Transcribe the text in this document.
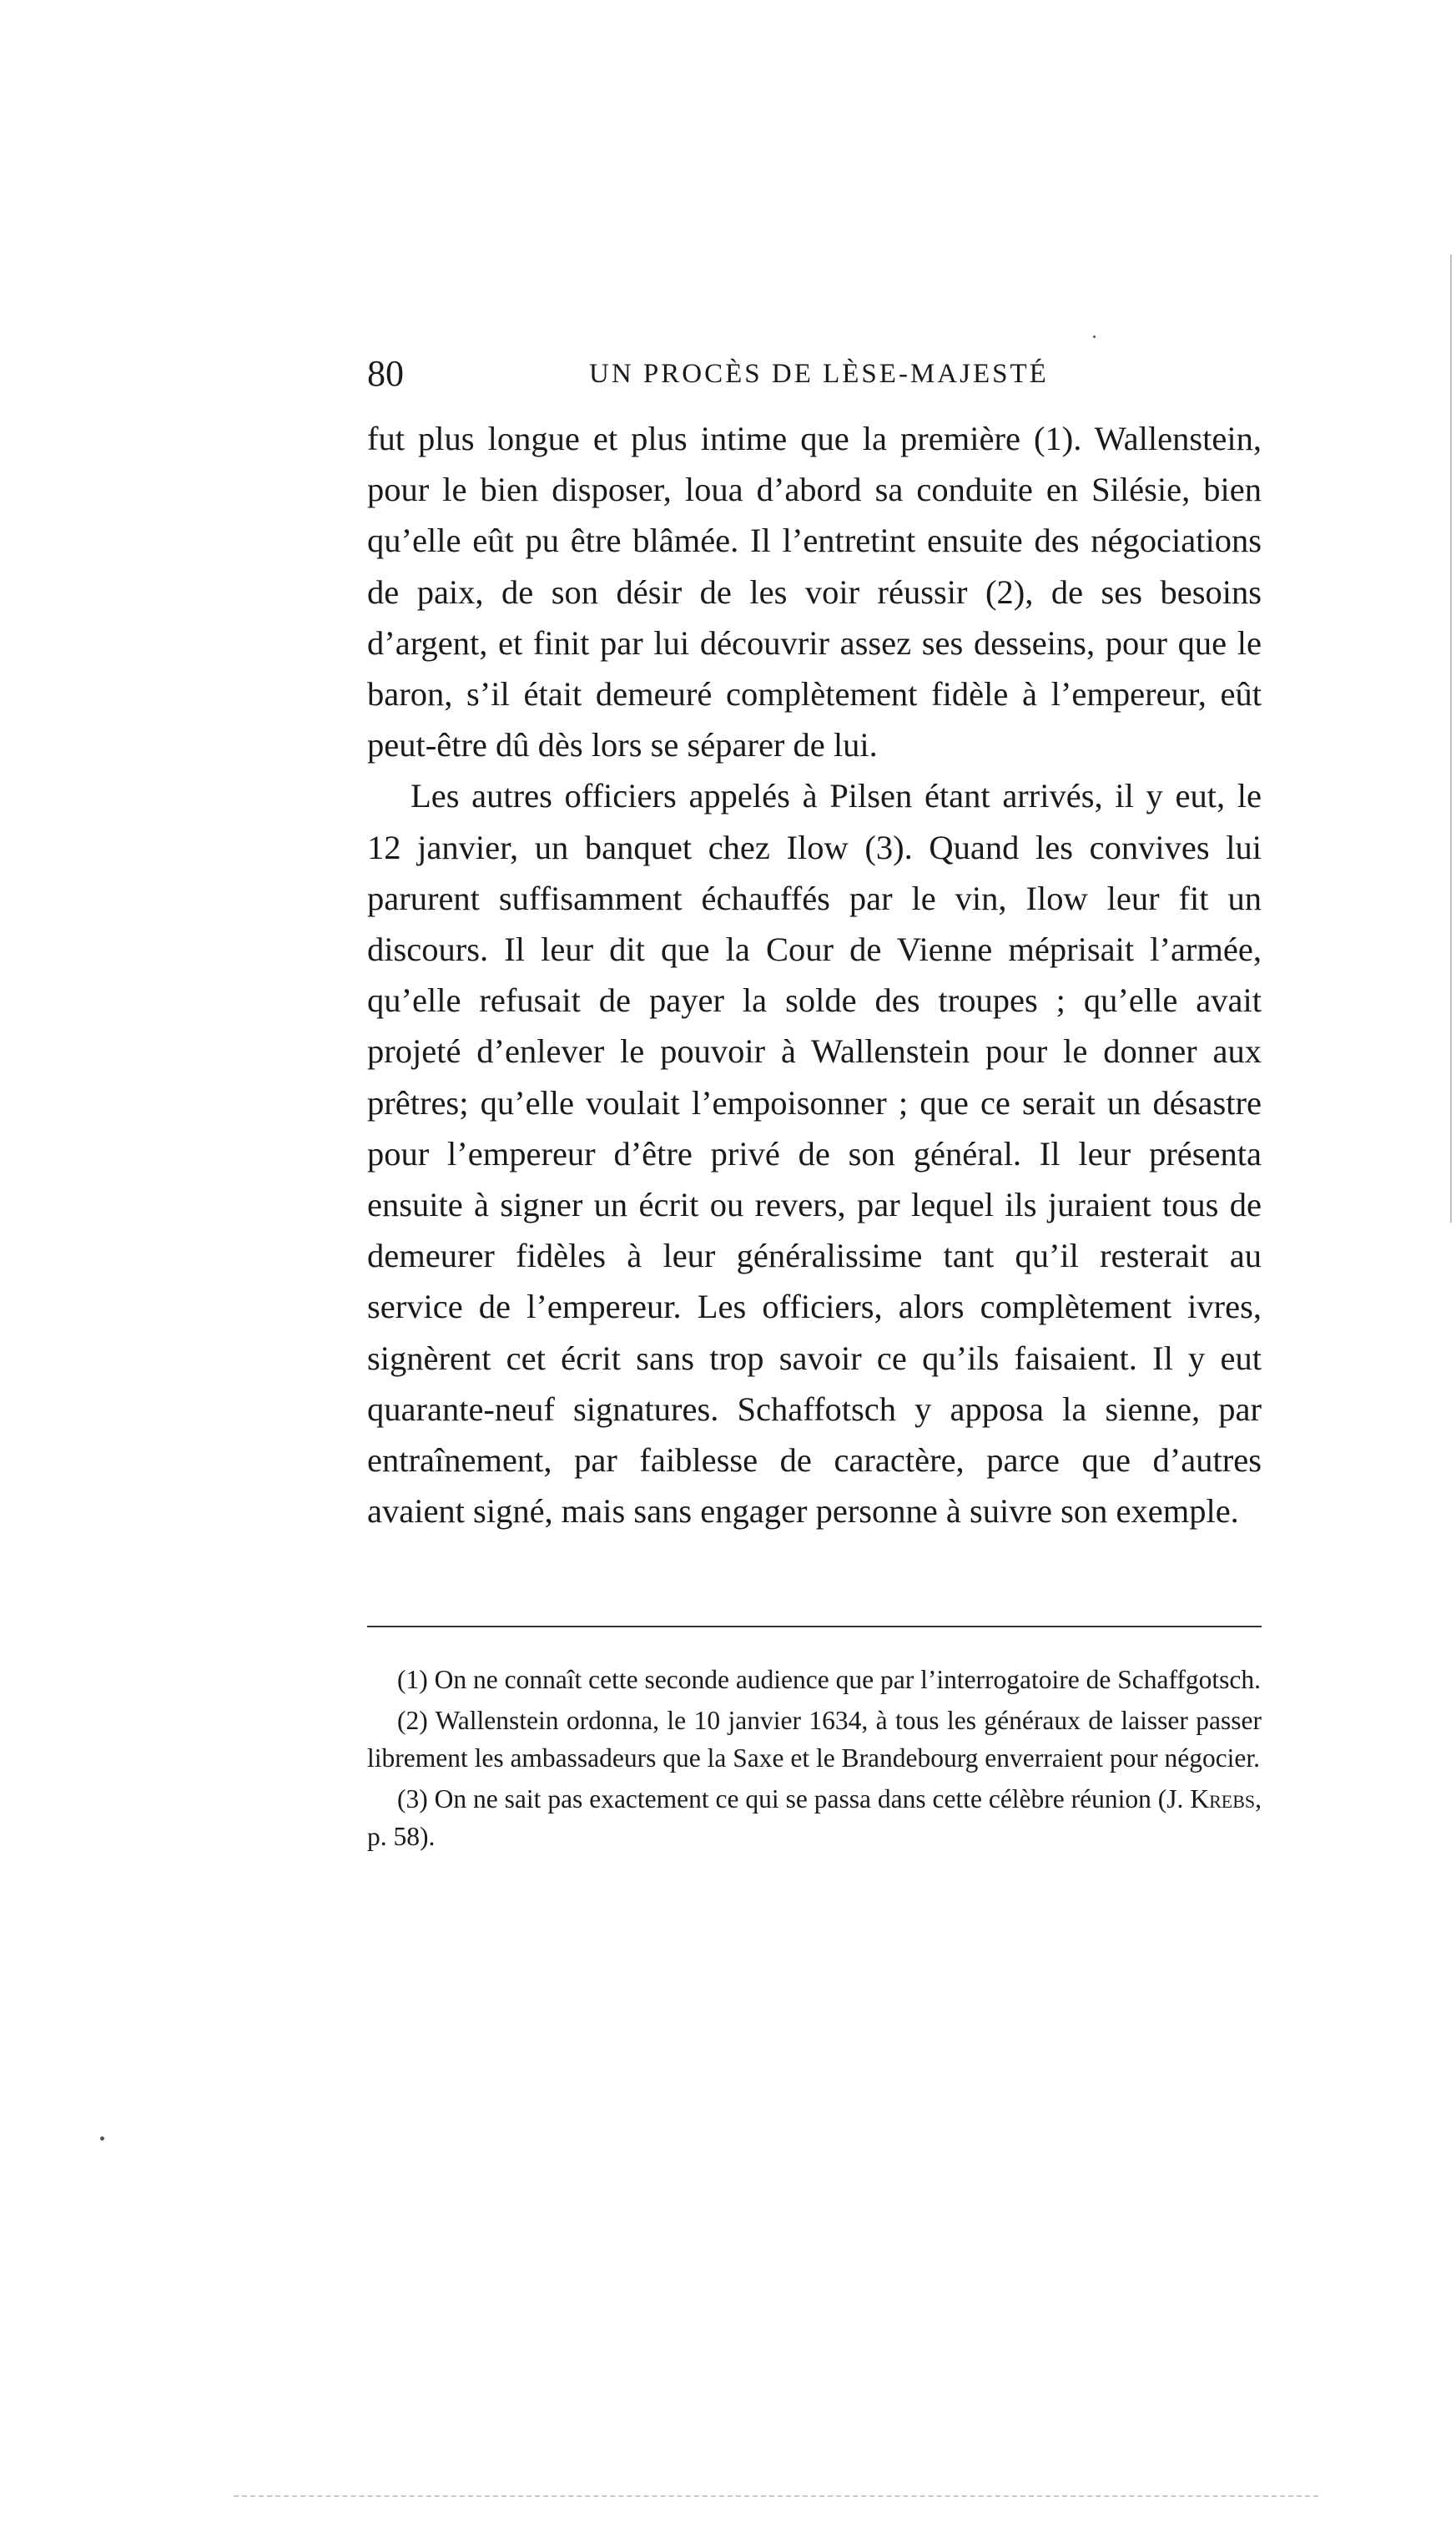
80	UN PROCÈS DE LÈSE-MAJESTÉ

fut plus longue et plus intime que la première (1). Wallenstein, pour le bien disposer, loua d’abord sa conduite en Silésie, bien qu’elle eût pu être blâmée. Il l’entretint ensuite des négociations de paix, de son désir de les voir réussir (2), de ses besoins d’argent, et finit par lui découvrir assez ses desseins, pour que le baron, s’il était demeuré complètement fidèle à l’empereur, eût peut-être dû dès lors se séparer de lui.

Les autres officiers appelés à Pilsen étant arrivés, il y eut, le 12 janvier, un banquet chez Ilow (3). Quand les convives lui parurent suffisamment échauffés par le vin, Ilow leur fit un discours. Il leur dit que la Cour de Vienne méprisait l’armée, qu’elle refusait de payer la solde des troupes ; qu’elle avait projeté d’enlever le pouvoir à Wallenstein pour le donner aux prêtres; qu’elle voulait l’empoisonner ; que ce serait un désastre pour l’empereur d’être privé de son général. Il leur présenta ensuite à signer un écrit ou revers, par lequel ils juraient tous de demeurer fidèles à leur généralissime tant qu’il resterait au service de l’empereur. Les officiers, alors complètement ivres, signèrent cet écrit sans trop savoir ce qu’ils faisaient. Il y eut quarante-neuf signatures. Schaffotsch y apposa la sienne, par entraînement, par faiblesse de caractère, parce que d’autres avaient signé, mais sans engager personne à suivre son exemple.

(1) On ne connaît cette seconde audience que par l’interrogatoire de Schaffgotsch.

(2) Wallenstein ordonna, le 10 janvier 1634, à tous les généraux de laisser passer librement les ambassadeurs que la Saxe et le Brandebourg enverraient pour négocier.

(3) On ne sait pas exactement ce qui se passa dans cette célèbre réunion (J. Krebs, p. 58).
